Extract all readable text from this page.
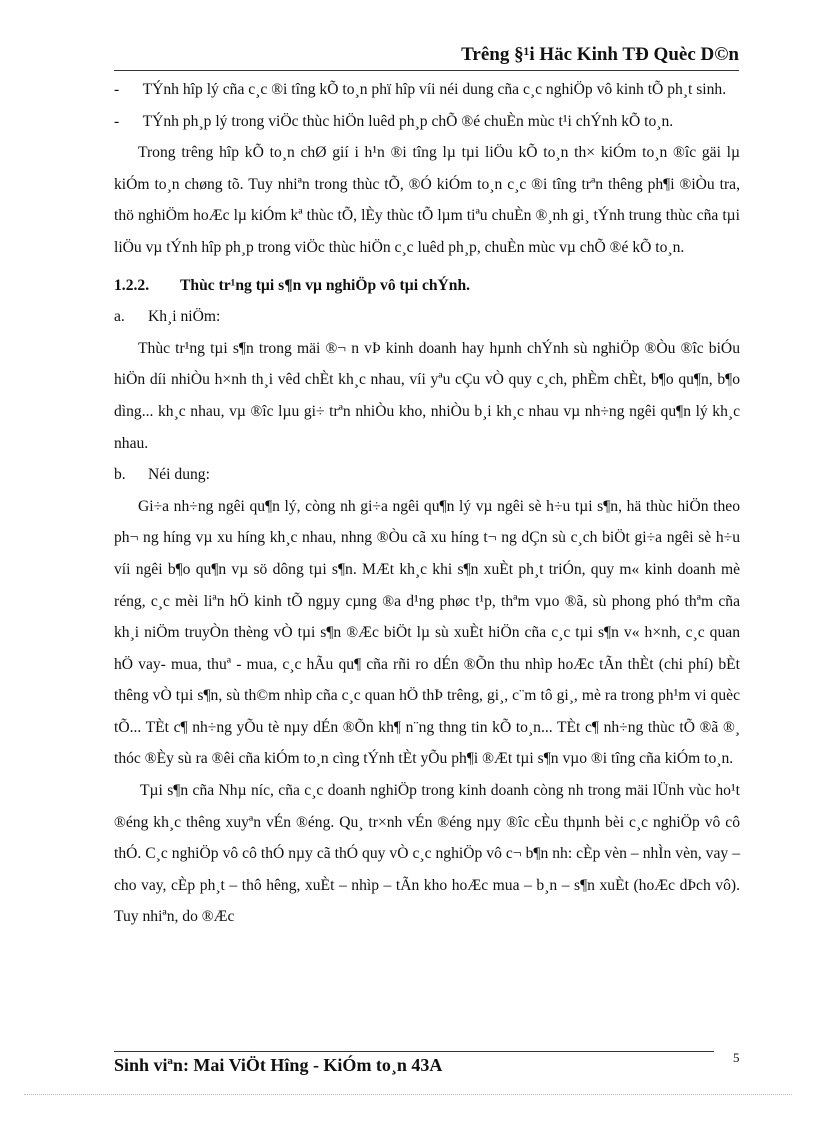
Trêng §¹i Häc Kinh TÐ Quèc D©n

-      TÝnh hîp lý cña c¸c ®i tîng kÕ to¸n phï hîp víi néi dung cña c¸c nghiÖp vô kinh tÕ ph¸t sinh.

-      TÝnh ph¸p lý trong viÖc thùc hiÖn luêd ph¸p chÕ ®é chuÈn mùc t¹i chÝnh kÕ to¸n.

Trong trêng hîp kÕ to¸n chØ gií i h¹n ®i tîng lµ tµi liÖu kÕ to¸n th× kiÓm to¸n ®îc gäi lµ kiÓm to¸n chøng tõ. Tuy nhiªn trong thùc tÕ, ®Ó kiÓm to¸n c¸c ®i tîng trªn thêng ph¶i ®iÒu tra, thö nghiÖm hoÆc lµ kiÓm kª thùc tÕ, lÈy thùc tÕ lµm tiªu chuÈn ®¸nh gi¸ tÝnh trung thùc cña tµi liÖu vµ tÝnh hîp ph¸p trong viÖc thùc hiÖn c¸c luêd ph¸p, chuÈn mùc vµ chÕ ®é kÕ to¸n.

1.2.2. Thùc tr¹ng tµi s¶n vµ nghiÖp vô tµi chÝnh.

a. Kh¸i niÖm:

Thùc tr¹ng tµi s¶n trong mäi ®¬ n vÞ kinh doanh hay hµnh chÝnh sù nghiÖp ®Òu ®îc biÓu hiÖn díi nhiÒu h×nh th¸i vêd chÈt kh¸c nhau, víi yªu cÇu vÒ quy c¸ch, phÈm chÈt, b¶o qu¶n, b¶o dìng... kh¸c nhau, vµ ®îc lµu gi÷ trªn nhiÒu kho, nhiÒu b¸i kh¸c nhau vµ nh÷ng ngêi qu¶n lý kh¸c nhau.

b. Néi dung:

Gi÷a nh÷ng ngêi qu¶n lý, còng nh gi÷a ngêi qu¶n lý vµ ngêi sè h÷u tµi s¶n, hä thùc hiÖn theo ph¬ ng híng vµ xu híng kh¸c nhau, nhng ®Òu cã xu híng t¬ ng dÇn sù c¸ch biÖt gi÷a ngêi sè h÷u víi ngêi b¶o qu¶n vµ sö dông tµi s¶n. MÆt kh¸c khi s¶n xuÈt ph¸t triÓn, quy m« kinh doanh mè réng, c¸c mèi liªn hÖ kinh tÕ ngµy cµng ®a d¹ng phøc t¹p, thªm vµo ®ã, sù phong phó thªm cña kh¸i niÖm truyÒn thèng vÒ tµi s¶n ®Æc biÖt lµ sù xuÈt hiÖn cña c¸c tµi s¶n v« h×nh, c¸c quan hÖ vay- mua, thuª - mua, c¸c hÃu qu¶ cña rñi ro dÉn ®Õn thu nhìp hoÆc tÃn thÈt (chi phí) bÈt thêng vÒ tµi s¶n, sù th©m nhìp cña c¸c quan hÖ thÞ trêng, gi¸, c¨m tô gi¸, mè ra trong ph¹m vi quèc tÕ... TÈt c¶ nh÷ng yÕu tè nµy dÉn ®Õn kh¶ n¨ng thng tin kÕ to¸n... TÈt c¶ nh÷ng thùc tÕ ®ã ®¸ thóc ®Èy sù ra ®êi cña kiÓm to¸n cìng tÝnh tÈt yÕu ph¶i ®Æt tµi s¶n vµo ®i tîng cña kiÓm to¸n.

Tµi s¶n cña Nhµ níc, cña c¸c doanh nghiÖp trong kinh doanh còng nh trong mäi lÜnh vùc ho¹t ®éng kh¸c thêng xuyªn vÉn ®éng. Qu¸ tr×nh vÉn ®éng nµy ®îc cÈu thµnh bèi c¸c nghiÖp vô cô thÓ. C¸c nghiÖp vô cô thÓ nµy cã thÓ quy vÒ c¸c nghiÖp vô c¬ b¶n nh: cÈp vèn – nhÌn vèn, vay – cho vay, cÈp ph¸t – thô hêng, xuÈt – nhìp – tÃn kho hoÆc mua – b¸n – s¶n xuÈt (hoÆc dÞch vô). Tuy nhiªn, do ®Æc

Sinh viªn: Mai ViÖt Hîng - KiÓm to¸n 43A	5
